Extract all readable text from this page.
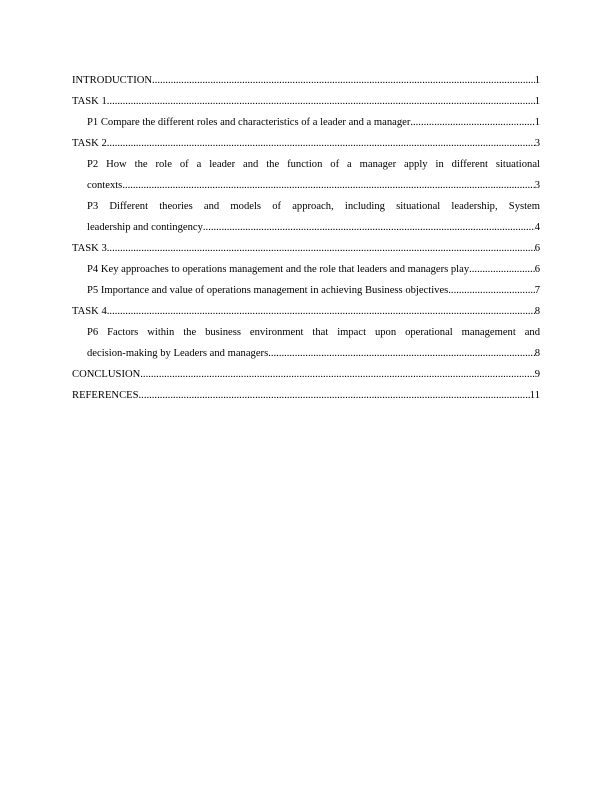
INTRODUCTION .....	1
TASK 1 .....	1
P1 Compare the different roles and characteristics of a leader and a manager .....	1
TASK 2 .....	3
P2 How the role of a leader and the function of a manager apply in different situational
contexts .....	3
P3 Different theories and models of approach, including situational leadership, System
leadership and contingency .....	4
TASK 3 .....	6
P4 Key approaches to operations management and the role that leaders and managers play .....	6
P5 Importance and value of operations management in achieving Business objectives .....	7
TASK 4 .....	8
P6 Factors within the business environment that impact upon operational management and
decision-making by Leaders and managers .....	8
CONCLUSION .....	9
REFERENCES .....	11
